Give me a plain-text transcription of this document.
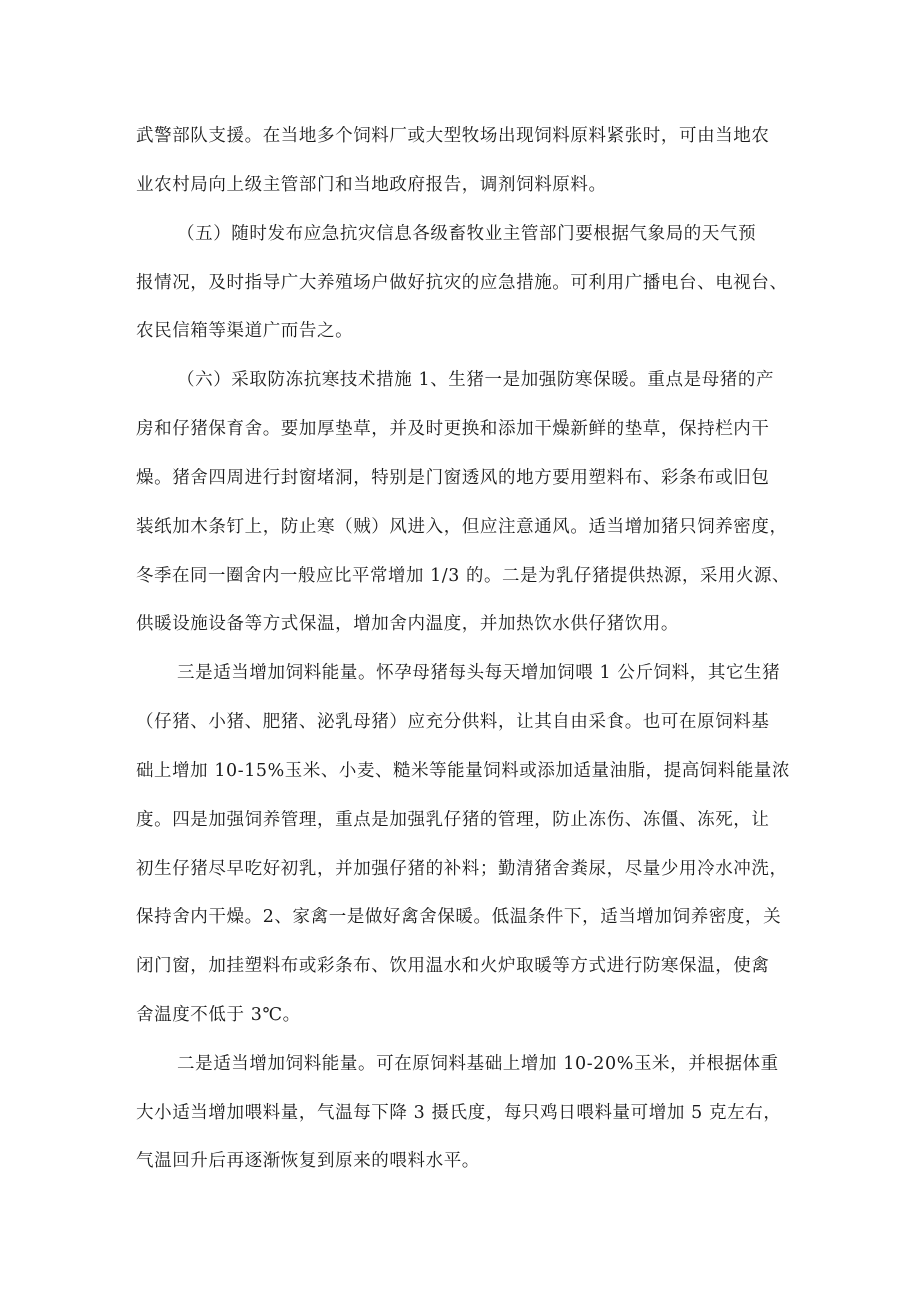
武警部队支援。在当地多个饲料厂或大型牧场出现饲料原料紧张时，可由当地农

业农村局向上级主管部门和当地政府报告，调剂饲料原料。

（五）随时发布应急抗灾信息各级畜牧业主管部门要根据气象局的天气预

报情况，及时指导广大养殖场户做好抗灾的应急措施。可利用广播电台、电视台、

农民信箱等渠道广而告之。

（六）采取防冻抗寒技术措施 1、生猪一是加强防寒保暖。重点是母猪的产

房和仔猪保育舍。要加厚垫草，并及时更换和添加干燥新鲜的垫草，保持栏内干

燥。猪舍四周进行封窗堵洞，特别是门窗透风的地方要用塑料布、彩条布或旧包

装纸加木条钉上，防止寒（贼）风进入，但应注意通风。适当增加猪只饲养密度，

冬季在同一圈舍内一般应比平常增加 1/3 的。二是为乳仔猪提供热源，采用火源、

供暖设施设备等方式保温，增加舍内温度，并加热饮水供仔猪饮用。

三是适当增加饲料能量。怀孕母猪每头每天增加饲喂 1 公斤饲料，其它生猪

（仔猪、小猪、肥猪、泌乳母猪）应充分供料，让其自由采食。也可在原饲料基

础上增加 10-15%玉米、小麦、糙米等能量饲料或添加适量油脂，提高饲料能量浓

度。四是加强饲养管理，重点是加强乳仔猪的管理，防止冻伤、冻僵、冻死，让

初生仔猪尽早吃好初乳，并加强仔猪的补料；勤清猪舍粪尿，尽量少用冷水冲洗，

保持舍内干燥。2、家禽一是做好禽舍保暖。低温条件下，适当增加饲养密度，关

闭门窗，加挂塑料布或彩条布、饮用温水和火炉取暖等方式进行防寒保温，使禽

舍温度不低于 3℃。

二是适当增加饲料能量。可在原饲料基础上增加 10-20%玉米，并根据体重

大小适当增加喂料量，气温每下降 3 摄氏度，每只鸡日喂料量可增加 5 克左右，

气温回升后再逐渐恢复到原来的喂料水平。
